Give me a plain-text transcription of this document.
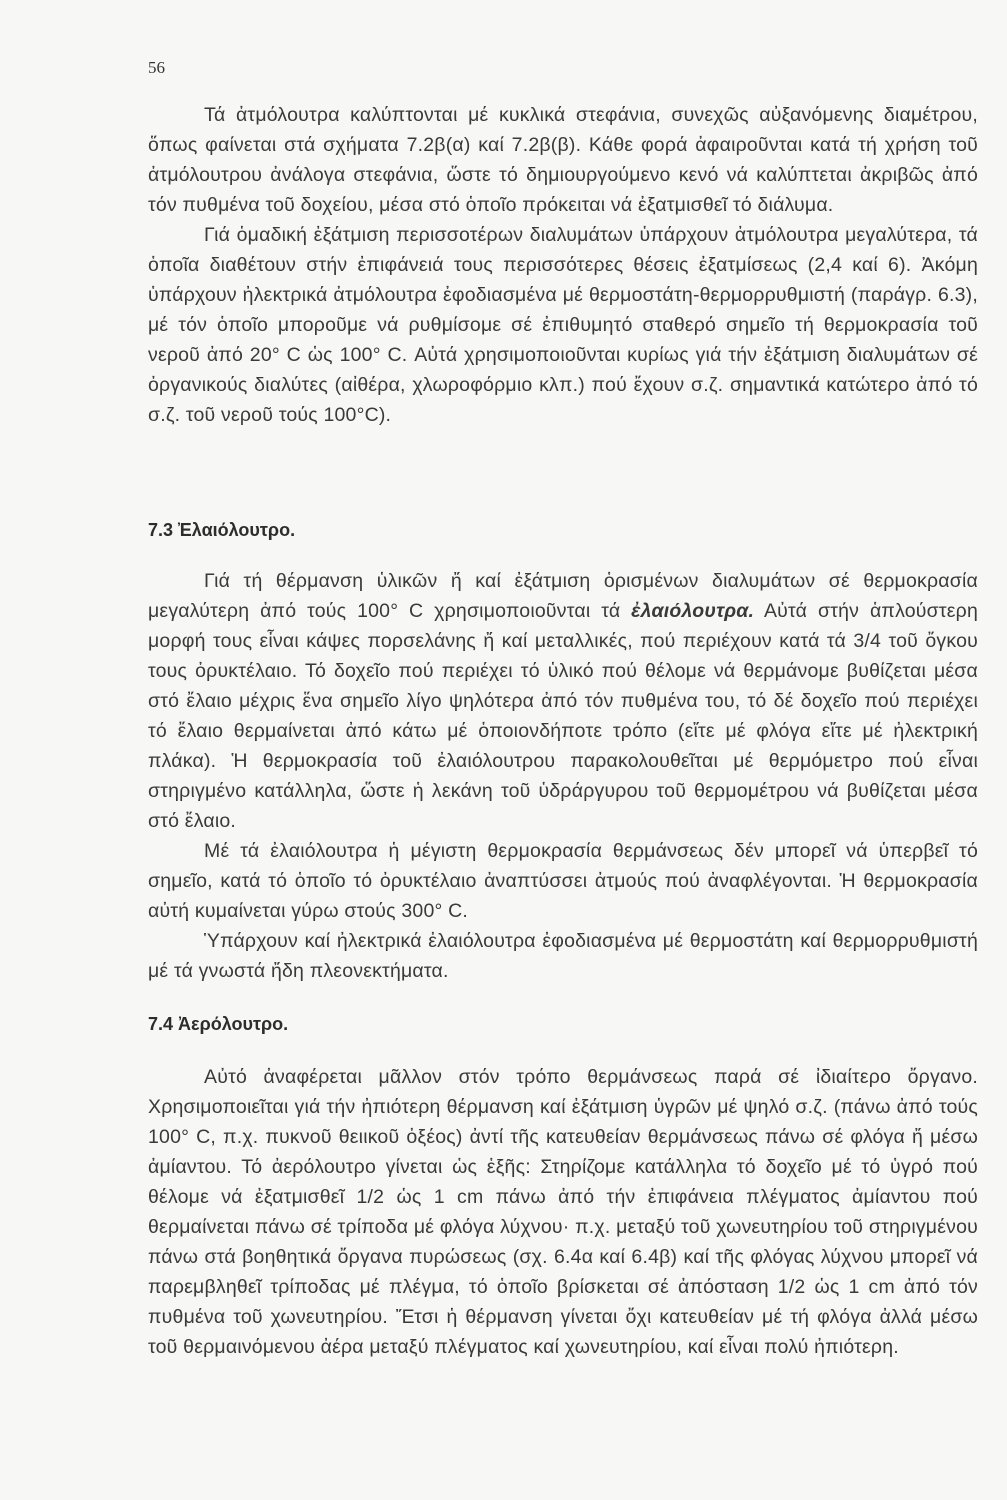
56

Τά ἀτμόλουτρα καλύπτονται μέ κυκλικά στεφάνια, συνεχῶς αὐξανόμενης διαμέτρου, ὅπως φαίνεται στά σχήματα 7.2β(α) καί 7.2β(β). Κάθε φορά ἀφαιροῦνται κατά τή χρήση τοῦ ἀτμόλουτρου ἀνάλογα στεφάνια, ὥστε τό δημιουργούμενο κενό νά καλύπτεται ἀκριβῶς ἀπό τόν πυθμένα τοῦ δοχείου, μέσα στό ὁποῖο πρόκειται νά ἐξατμισθεῖ τό διάλυμα.

Γιά ὁμαδική ἐξάτμιση περισσοτέρων διαλυμάτων ὑπάρχουν ἀτμόλουτρα μεγαλύτερα, τά ὁποῖα διαθέτουν στήν ἐπιφάνειά τους περισσότερες θέσεις ἐξατμίσεως (2,4 καί 6). Ἀκόμη ὑπάρχουν ἠλεκτρικά ἀτμόλουτρα ἐφοδιασμένα μέ θερμοστάτη-θερμορρυθμιστή (παράγρ. 6.3), μέ τόν ὁποῖο μποροῦμε νά ρυθμίσομε σέ ἐπιθυμητό σταθερό σημεῖο τή θερμοκρασία τοῦ νεροῦ ἀπό 20° C ὡς 100° C. Αὐτά χρησιμοποιοῦνται κυρίως γιά τήν ἐξάτμιση διαλυμάτων σέ ὀργανικούς διαλύτες (αἰθέρα, χλωροφόρμιο κλπ.) πού ἔχουν σ.ζ. σημαντικά κατώτερο ἀπό τό σ.ζ. τοῦ νεροῦ τούς 100°C).

7.3 Ἐλαιόλουτρο.

Γιά τή θέρμανση ὑλικῶν ἤ καί ἐξάτμιση ὁρισμένων διαλυμάτων σέ θερμοκρασία μεγαλύτερη ἀπό τούς 100° C χρησιμοποιοῦνται τά ἐλαιόλουτρα. Αὐτά στήν ἁπλούστερη μορφή τους εἶναι κάψες πορσελάνης ἤ καί μεταλλικές, πού περιέχουν κατά τά 3/4 τοῦ ὄγκου τους ὀρυκτέλαιο. Τό δοχεῖο πού περιέχει τό ὑλικό πού θέλομε νά θερμάνομε βυθίζεται μέσα στό ἔλαιο μέχρις ἕνα σημεῖο λίγο ψηλότερα ἀπό τόν πυθμένα του, τό δέ δοχεῖο πού περιέχει τό ἔλαιο θερμαίνεται ἀπό κάτω μέ ὁποιονδήποτε τρόπο (εἴτε μέ φλόγα εἴτε μέ ἠλεκτρική πλάκα). Ἡ θερμοκρασία τοῦ ἐλαιόλουτρου παρακολουθεῖται μέ θερμόμετρο πού εἶναι στηριγμένο κατάλληλα, ὥστε ἡ λεκάνη τοῦ ὑδράργυρου τοῦ θερμομέτρου νά βυθίζεται μέσα στό ἔλαιο.

Μέ τά ἐλαιόλουτρα ἡ μέγιστη θερμοκρασία θερμάνσεως δέν μπορεῖ νά ὑπερβεῖ τό σημεῖο, κατά τό ὁποῖο τό ὀρυκτέλαιο ἀναπτύσσει ἀτμούς πού ἀναφλέγονται. Ἡ θερμοκρασία αὐτή κυμαίνεται γύρω στούς 300° C.

Ὑπάρχουν καί ἠλεκτρικά ἐλαιόλουτρα ἐφοδιασμένα μέ θερμοστάτη καί θερμορρυθμιστή μέ τά γνωστά ἤδη πλεονεκτήματα.

7.4 Ἀερόλουτρο.

Αὐτό ἀναφέρεται μᾶλλον στόν τρόπο θερμάνσεως παρά σέ ἰδιαίτερο ὄργανο. Χρησιμοποιεῖται γιά τήν ἠπιότερη θέρμανση καί ἐξάτμιση ὑγρῶν μέ ψηλό σ.ζ. (πάνω ἀπό τούς 100° C, π.χ. πυκνοῦ θειικοῦ ὀξέος) ἀντί τῆς κατευθείαν θερμάνσεως πάνω σέ φλόγα ἤ μέσω ἀμίαντου. Τό ἀερόλουτρο γίνεται ὡς ἑξῆς: Στηρίζομε κατάλληλα τό δοχεῖο μέ τό ὑγρό πού θέλομε νά ἐξατμισθεῖ 1/2 ὡς 1 cm πάνω ἀπό τήν ἐπιφάνεια πλέγματος ἀμίαντου πού θερμαίνεται πάνω σέ τρίποδα μέ φλόγα λύχνου· π.χ. μεταξύ τοῦ χωνευτηρίου τοῦ στηριγμένου πάνω στά βοηθητικά ὄργανα πυρώσεως (σχ. 6.4α καί 6.4β) καί τῆς φλόγας λύχνου μπορεῖ νά παρεμβληθεῖ τρίποδας μέ πλέγμα, τό ὁποῖο βρίσκεται σέ ἀπόσταση 1/2 ὡς 1 cm ἀπό τόν πυθμένα τοῦ χωνευτηρίου. Ἔτσι ἡ θέρμανση γίνεται ὄχι κατευθείαν μέ τή φλόγα ἀλλά μέσω τοῦ θερμαινόμενου ἀέρα μεταξύ πλέγματος καί χωνευτηρίου, καί εἶναι πολύ ἠπιότερη.
